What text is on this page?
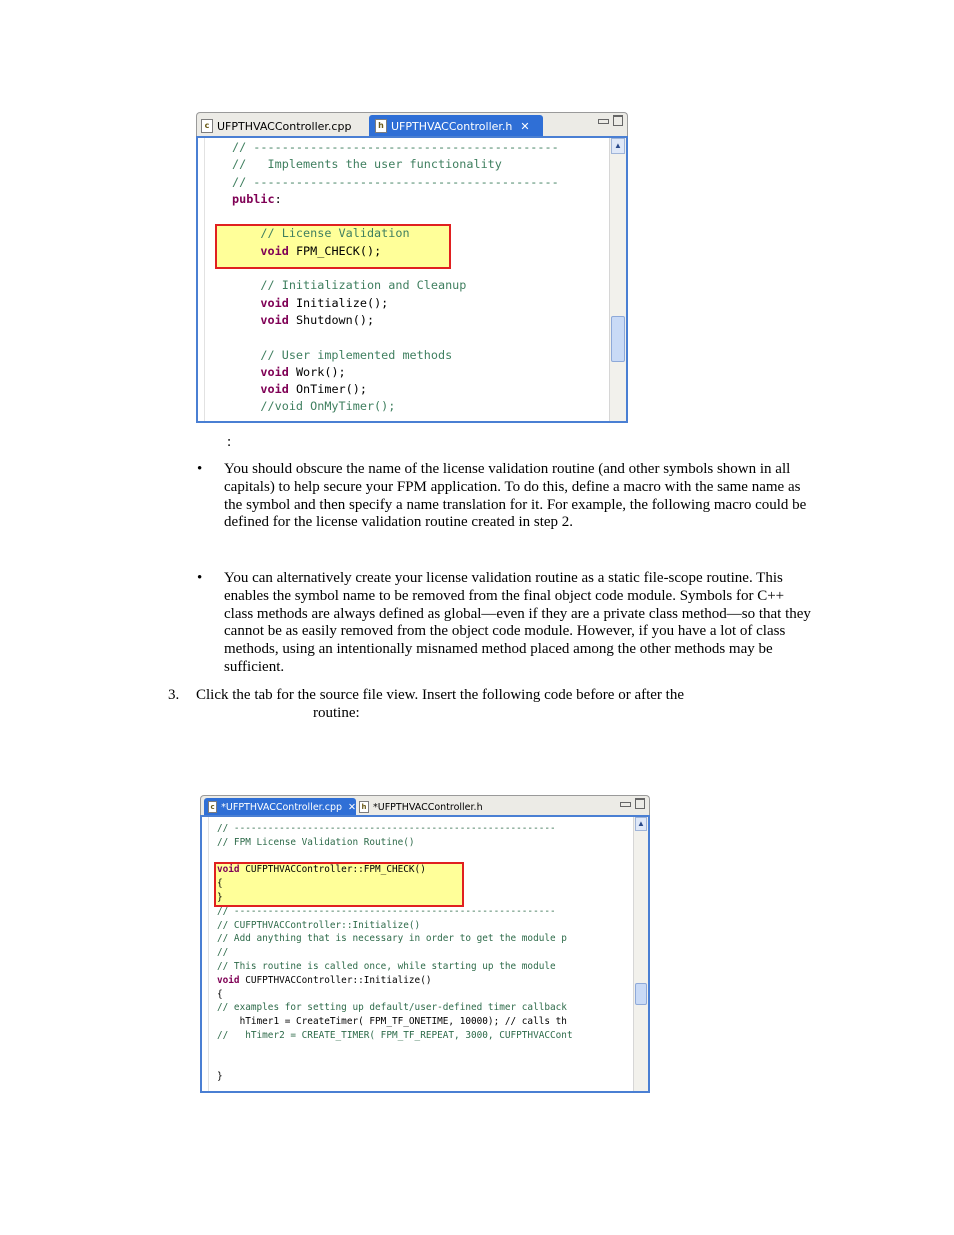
c UFPTHVACController.cpp	h UFPTHVACController.h ✕
// -------------------------------------------
//   Implements the user functionality
// -------------------------------------------
public:

// License Validation
void FPM_CHECK();

// Initialization and Cleanup
void Initialize();
void Shutdown();

// User implemented methods
void Work();
void OnTimer();
//void OnMyTimer();
▲
:
• You should obscure the name of the license validation routine (and other symbols shown in all capitals) to help secure your FPM application. To do this, define a macro with the same name as the symbol and then specify a name translation for it. For example, the following macro could be defined for the license validation routine created in step 2.
• You can alternatively create your license validation routine as a static file-scope routine. This enables the symbol name to be removed from the final object code module. Symbols for C++ class methods are always defined as global—even if they are a private class method—so that they cannot be as easily removed from the object code module. However, if you have a lot of class methods, using an intentionally misnamed method placed among the other methods may be sufficient.
3. Click the tab for the source file view. Insert the following code before or after the
routine:
c *UFPTHVACController.cpp ✕ h *UFPTHVACController.h
// ---------------------------------------------------------
// FPM License Validation Routine()

void CUFPTHVACController::FPM_CHECK()
{
}
// ---------------------------------------------------------
// CUFPTHVACController::Initialize()
// Add anything that is necessary in order to get the module p
//
// This routine is called once, while starting up the module
void CUFPTHVACController::Initialize()
{
// examples for setting up default/user-defined timer callback
hTimer1 = CreateTimer( FPM_TF_ONETIME, 10000); // calls th
//   hTimer2 = CREATE_TIMER( FPM_TF_REPEAT, 3000, CUFPTHVACCont

}
▲
